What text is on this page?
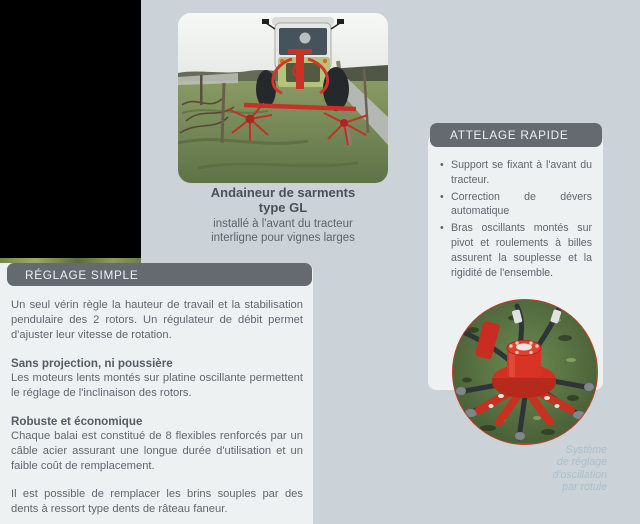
Andaineur de sarments
type GL
installé à l'avant du tracteur
interligne pour vignes larges
ATTELAGE RAPIDE
• Support se fixant à l'avant du tracteur.
• Correction de dévers automatique
• Bras oscillants montés sur pivot et roulements à billes assurent la souplesse et la rigidité de l'ensemble.
Système
de réglage
d'oscillation
par rotule
RÉGLAGE SIMPLE
Un seul vérin règle la hauteur de travail et la stabilisation pendulaire des 2 rotors. Un régulateur de débit permet d'ajuster leur vitesse de rotation.
Sans projection, ni poussière
Les moteurs lents montés sur platine oscillante permettent le réglage de l'inclinaison des rotors.
Robuste et économique
Chaque balai est constitué de 8 flexibles renforcés par un câble acier assurant une longue durée d'utilisation et un faible coût de remplacement.
Il est possible de remplacer les brins souples par des dents à ressort type dents de râteau faneur.
